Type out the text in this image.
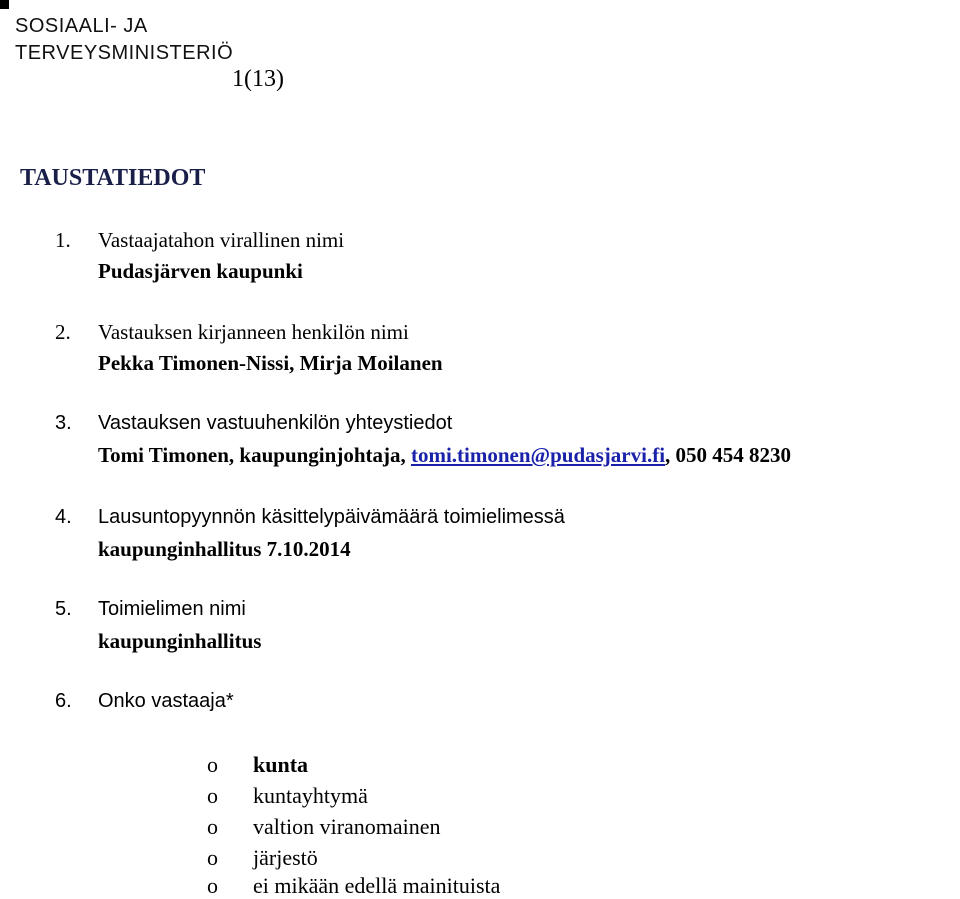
SOSIAALI- JA
TERVEYSMINISTERIÖ
1(13)
TAUSTATIEDOT
1. Vastaajatahon virallinen nimi
Pudasjärven kaupunki
2. Vastauksen kirjanneen henkilön nimi
Pekka Timonen-Nissi, Mirja Moilanen
3. Vastauksen vastuuhenkilön yhteystiedot
Tomi Timonen, kaupunginjohtaja, tomi.timonen@pudasjarvi.fi, 050 454 8230
4. Lausuntopyynnön käsittelypäivämäärä toimielimessä
kaupunginhallitus 7.10.2014
5. Toimielimen nimi
kaupunginhallitus
6. Onko vastaaja*
o kunta
o kuntayhtymä
o valtion viranomainen
o järjestö
o ei mikään edellä mainituista
